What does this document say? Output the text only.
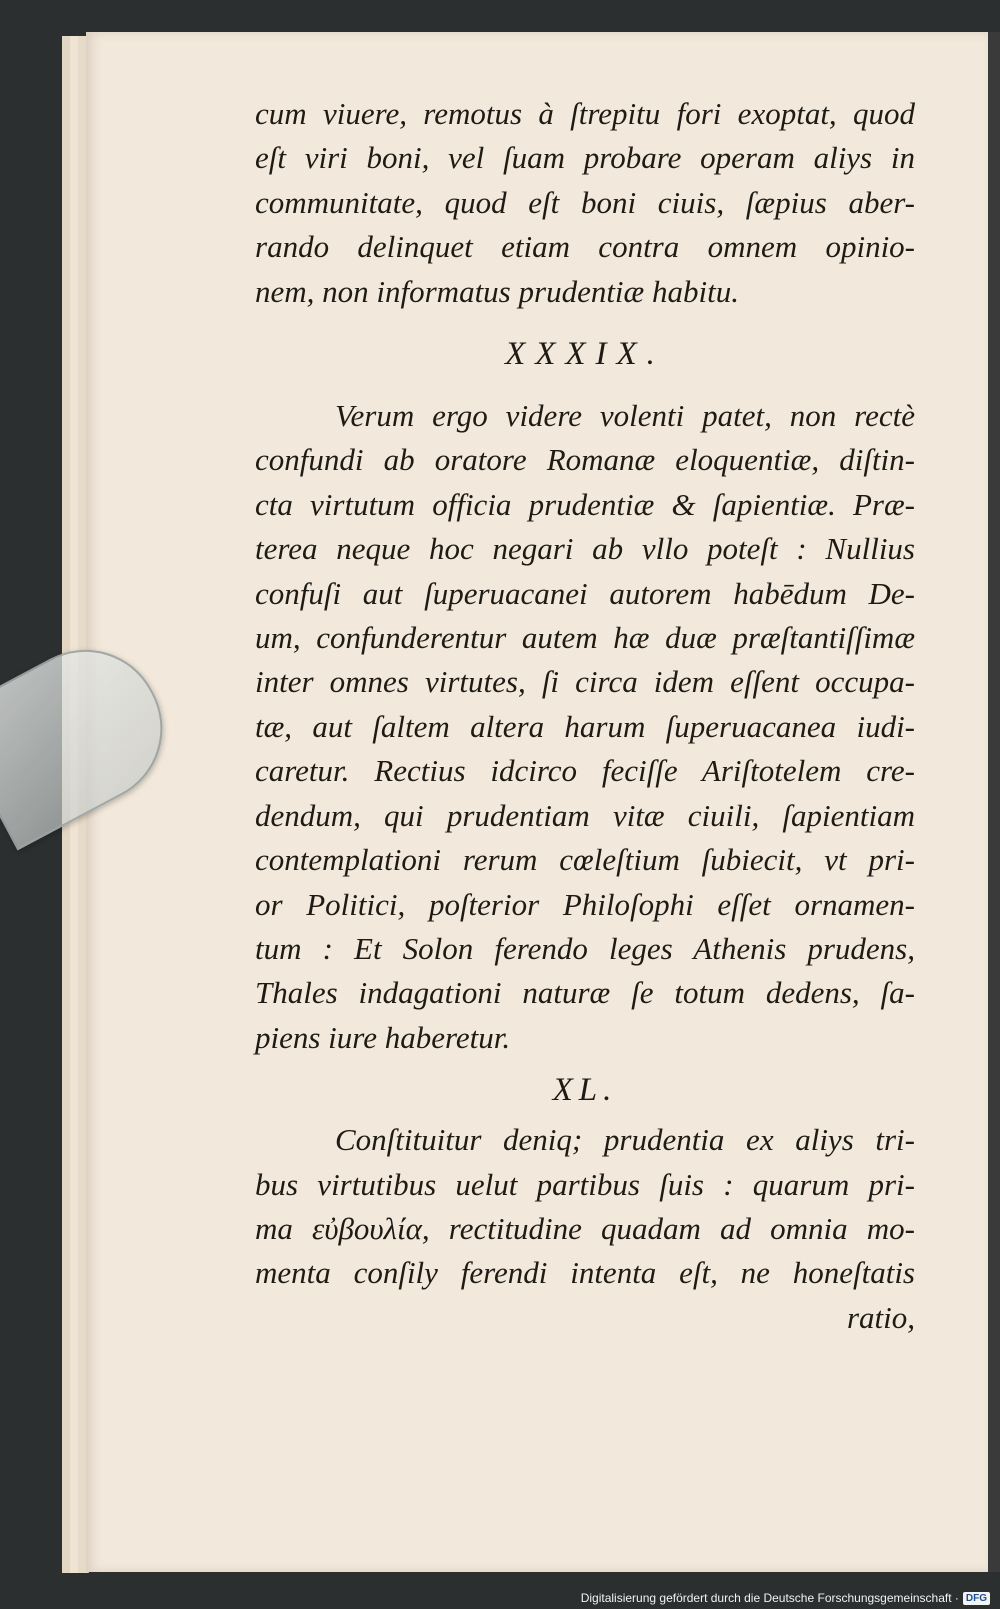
cum viuere, remotus à ſtrepitu fori exoptat, quod
eſt viri boni, vel ſuam probare operam aliys in
communitate, quod eſt boni ciuis, ſæpius aber-
rando delinquet etiam contra omnem opinio-
nem, non informatus prudentiæ habitu.
XXXIX.
Verum ergo videre volenti patet, non rectè
confundi ab oratore Romanæ eloquentiæ, diſtin-
cta virtutum officia prudentiæ & ſapientiæ. Præ-
terea neque hoc negari ab vllo poteſt : Nullius
confuſi aut ſuperuacanei autorem habēdum De-
um, confunderentur autem hæ duæ præſtantiſſimæ
inter omnes virtutes, ſi circa idem eſſent occupa-
tæ, aut ſaltem altera harum ſuperuacanea iudi-
caretur. Rectius idcirco feciſſe Ariſtotelem cre-
dendum, qui prudentiam vitæ ciuili, ſapientiam
contemplationi rerum cœleſtium ſubiecit, vt pri-
or Politici, poſterior Philoſophi eſſet ornamen-
tum : Et Solon ferendo leges Athenis prudens,
Thales indagationi naturæ ſe totum dedens, ſa-
piens iure haberetur.
XL.
Conſtituitur deniq; prudentia ex aliys tri-
bus virtutibus uelut partibus ſuis : quarum pri-
ma εὐβουλία, rectitudine quadam ad omnia mo-
menta conſily ferendi intenta eſt, ne honeſtatis
ratio,
Digitalisierung gefördert durch die Deutsche Forschungsgemeinschaft · DFG
